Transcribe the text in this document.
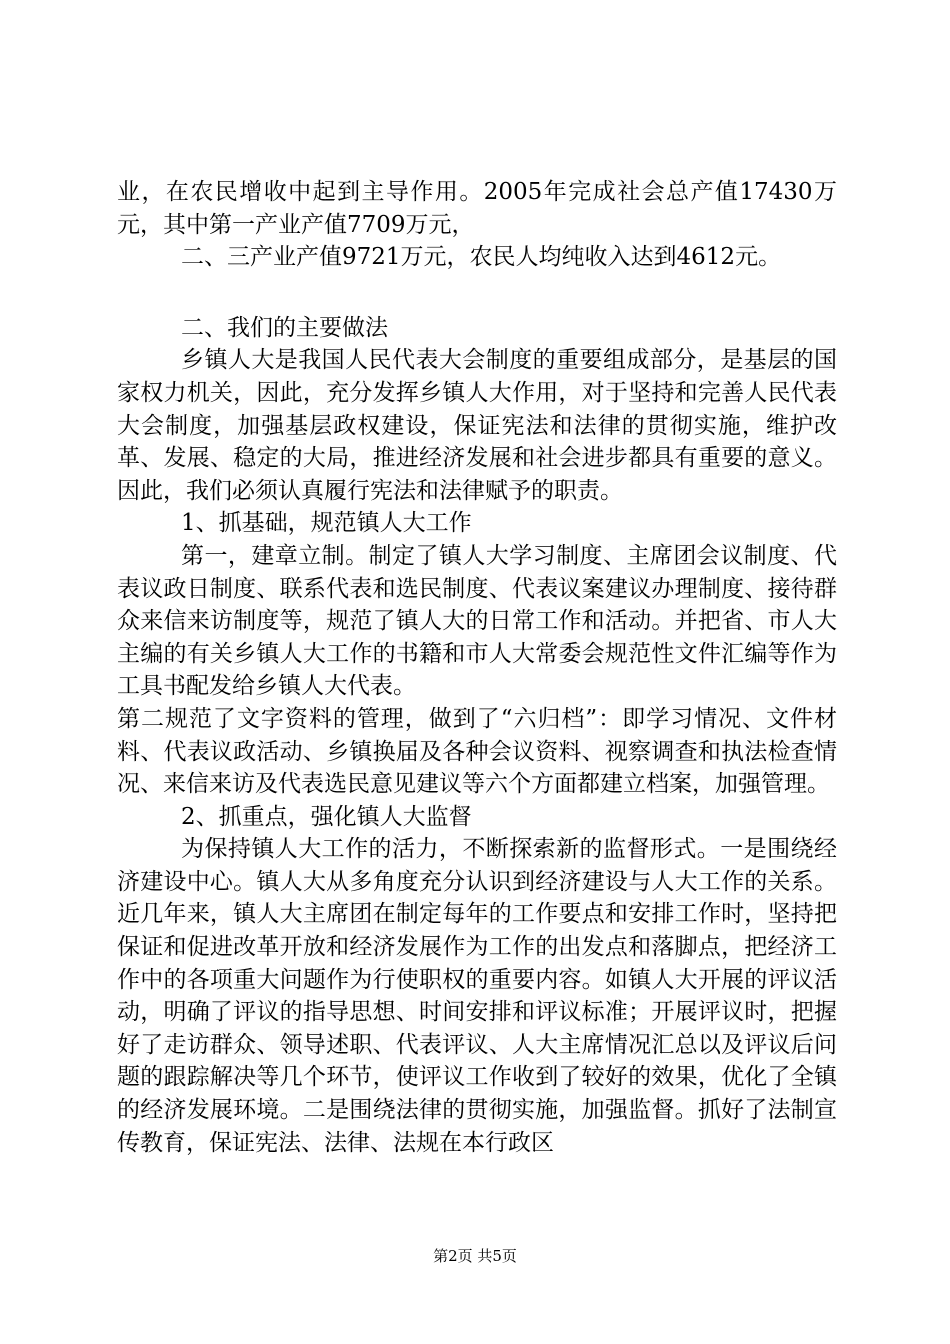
业，在农民增收中起到主导作用。2005年完成社会总产值17430万元，其中第一产业产值7709万元，

二、三产业产值9721万元，农民人均纯收入达到4612元。

二、我们的主要做法

乡镇人大是我国人民代表大会制度的重要组成部分，是基层的国家权力机关，因此，充分发挥乡镇人大作用，对于坚持和完善人民代表大会制度，加强基层政权建设，保证宪法和法律的贯彻实施，维护改革、发展、稳定的大局，推进经济发展和社会进步都具有重要的意义。因此，我们必须认真履行宪法和法律赋予的职责。

1、抓基础，规范镇人大工作

第一，建章立制。制定了镇人大学习制度、主席团会议制度、代表议政日制度、联系代表和选民制度、代表议案建议办理制度、接待群众来信来访制度等，规范了镇人大的日常工作和活动。并把省、市人大主编的有关乡镇人大工作的书籍和市人大常委会规范性文件汇编等作为工具书配发给乡镇人大代表。

第二规范了文字资料的管理，做到了“六归档”：即学习情况、文件材料、代表议政活动、乡镇换届及各种会议资料、视察调查和执法检查情况、来信来访及代表选民意见建议等六个方面都建立档案，加强管理。

2、抓重点，强化镇人大监督

为保持镇人大工作的活力，不断探索新的监督形式。一是围绕经济建设中心。镇人大从多角度充分认识到经济建设与人大工作的关系。近几年来，镇人大主席团在制定每年的工作要点和安排工作时，坚持把保证和促进改革开放和经济发展作为工作的出发点和落脚点，把经济工作中的各项重大问题作为行使职权的重要内容。如镇人大开展的评议活动，明确了评议的指导思想、时间安排和评议标准；开展评议时，把握好了走访群众、领导述职、代表评议、人大主席情况汇总以及评议后问题的跟踪解决等几个环节，使评议工作收到了较好的效果，优化了全镇的经济发展环境。二是围绕法律的贯彻实施，加强监督。抓好了法制宣传教育，保证宪法、法律、法规在本行政区

第2页 共5页
